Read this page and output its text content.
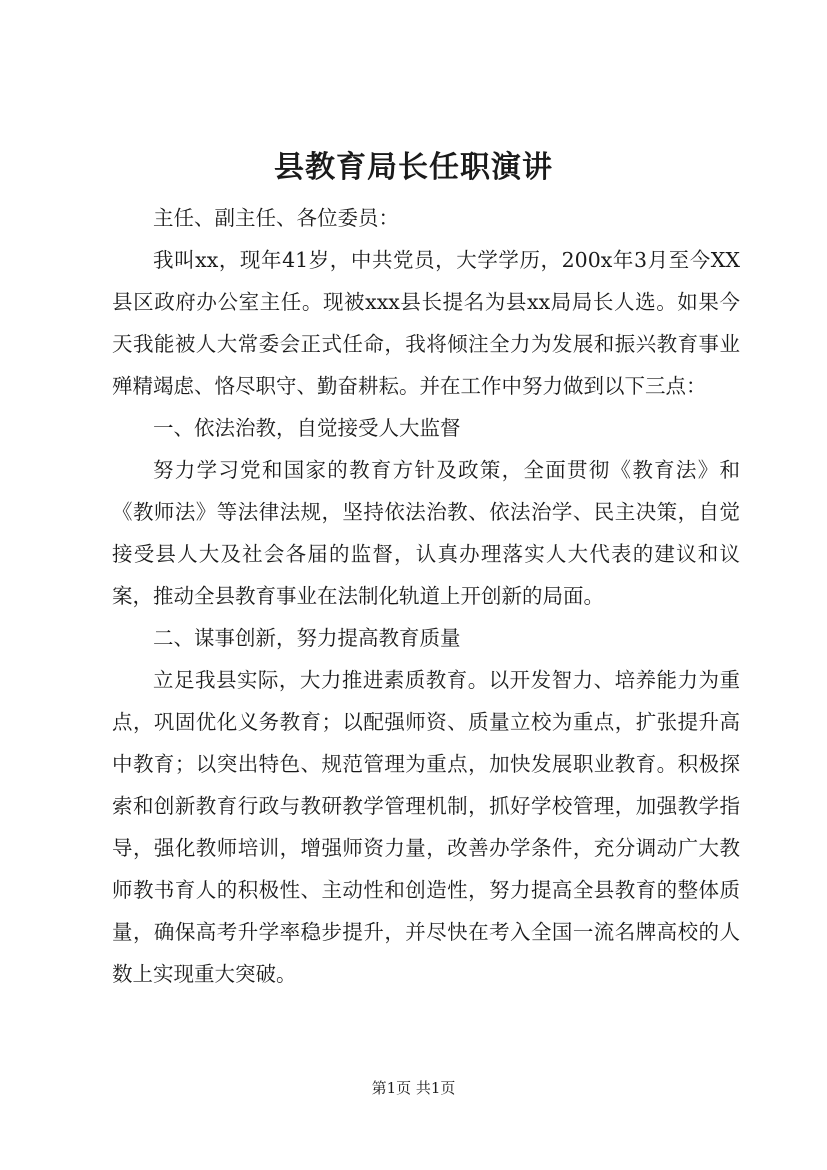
县教育局长任职演讲

主任、副主任、各位委员：

我叫xx，现年41岁，中共党员，大学学历，200x年3月至今XX县区政府办公室主任。现被xxx县长提名为县xx局局长人选。如果今天我能被人大常委会正式任命，我将倾注全力为发展和振兴教育事业殚精竭虑、恪尽职守、勤奋耕耘。并在工作中努力做到以下三点：

一、依法治教，自觉接受人大监督

努力学习党和国家的教育方针及政策，全面贯彻《教育法》和《教师法》等法律法规，坚持依法治教、依法治学、民主决策，自觉接受县人大及社会各届的监督，认真办理落实人大代表的建议和议案，推动全县教育事业在法制化轨道上开创新的局面。

二、谋事创新，努力提高教育质量

立足我县实际，大力推进素质教育。以开发智力、培养能力为重点，巩固优化义务教育；以配强师资、质量立校为重点，扩张提升高中教育；以突出特色、规范管理为重点，加快发展职业教育。积极探索和创新教育行政与教研教学管理机制，抓好学校管理，加强教学指导，强化教师培训，增强师资力量，改善办学条件，充分调动广大教师教书育人的积极性、主动性和创造性，努力提高全县教育的整体质量，确保高考升学率稳步提升，并尽快在考入全国一流名牌高校的人数上实现重大突破。

第1页 共1页
